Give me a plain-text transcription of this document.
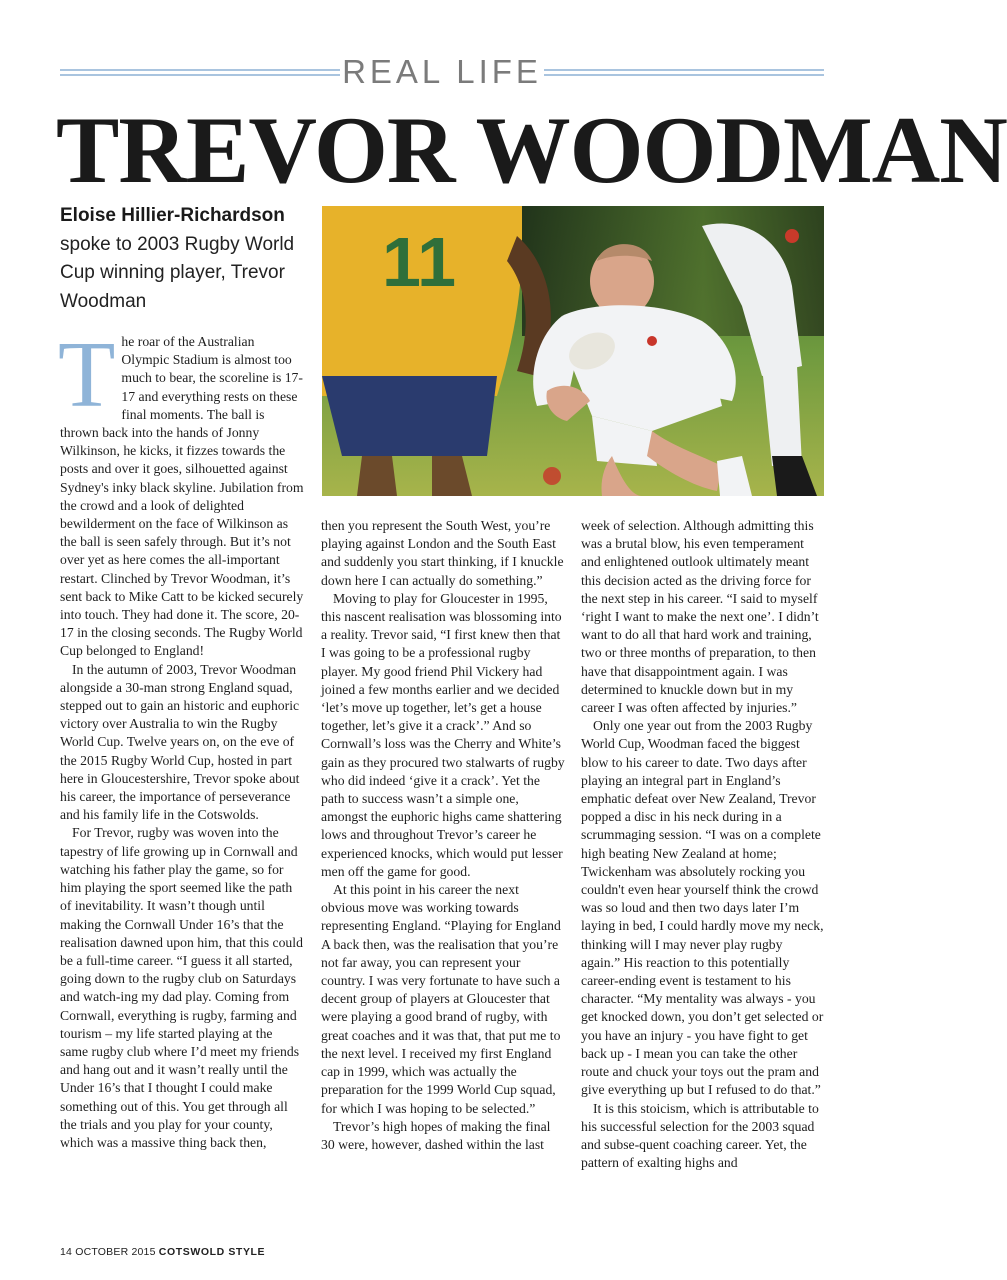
REAL LIFE
TREVOR WOODMAN
Eloise Hillier-Richardson
spoke to 2003 Rugby World Cup winning player, Trevor Woodman	11

The roar of the Australian Olympic Stadium is almost too much to bear, the scoreline is 17-17 and everything rests on these final moments. The ball is thrown back into the hands of Jonny Wilkinson, he kicks, it fizzes towards the posts and over it goes, silhouetted against Sydney's inky black skyline. Jubilation from the crowd and a look of delighted bewilderment on the face of Wilkinson as the ball is seen safely through. But it’s not over yet as here comes the all-important restart. Clinched by Trevor Woodman, it’s sent back to Mike Catt to be kicked securely into touch. They had done it. The score, 20-17 in the closing seconds. The Rugby World Cup belonged to England!

In the autumn of 2003, Trevor Woodman alongside a 30-man strong England squad, stepped out to gain an historic and euphoric victory over Australia to win the Rugby World Cup. Twelve years on, on the eve of the 2015 Rugby World Cup, hosted in part here in Gloucestershire, Trevor spoke about his career, the importance of perseverance and his family life in the Cotswolds.

For Trevor, rugby was woven into the tapestry of life growing up in Cornwall and watching his father play the game, so for him playing the sport seemed like the path of inevitability. It wasn’t though until making the Cornwall Under 16’s that the realisation dawned upon him, that this could be a full-time career. “I guess it all started, going down to the rugby club on Saturdays and watch-ing my dad play. Coming from Cornwall, everything is rugby, farming and tourism – my life started playing at the same rugby club where I’d meet my friends and hang out and it wasn’t really until the Under 16’s that I thought I could make something out of this. You get through all the trials and you play for your county, which was a massive thing back then,

then you represent the South West, you’re playing against London and the South East and suddenly you start thinking, if I knuckle down here I can actually do something.”

Moving to play for Gloucester in 1995, this nascent realisation was blossoming into a reality. Trevor said, “I first knew then that I was going to be a professional rugby player. My good friend Phil Vickery had joined a few months earlier and we decided ‘let’s move up together, let’s get a house together, let’s give it a crack’.” And so Cornwall’s loss was the Cherry and White’s gain as they procured two stalwarts of rugby who did indeed ‘give it a crack’. Yet the path to success wasn’t a simple one, amongst the euphoric highs came shattering lows and throughout Trevor’s career he experienced knocks, which would put lesser men off the game for good.

At this point in his career the next obvious move was working towards representing England. “Playing for England A back then, was the realisation that you’re not far away, you can represent your country. I was very fortunate to have such a decent group of players at Gloucester that were playing a good brand of rugby, with great coaches and it was that, that put me to the next level. I received my first England cap in 1999, which was actually the preparation for the 1999 World Cup squad, for which I was hoping to be selected.”

Trevor’s high hopes of making the final 30 were, however, dashed within the last

week of selection. Although admitting this was a brutal blow, his even temperament and enlightened outlook ultimately meant this decision acted as the driving force for the next step in his career. “I said to myself ‘right I want to make the next one’. I didn’t want to do all that hard work and training, two or three months of preparation, to then have that disappointment again. I was determined to knuckle down but in my career I was often affected by injuries.”

Only one year out from the 2003 Rugby World Cup, Woodman faced the biggest blow to his career to date. Two days after playing an integral part in England’s emphatic defeat over New Zealand, Trevor popped a disc in his neck during in a scrummaging session. “I was on a complete high beating New Zealand at home; Twickenham was absolutely rocking you couldn't even hear yourself think the crowd was so loud and then two days later I’m laying in bed, I could hardly move my neck, thinking will I may never play rugby again.” His reaction to this potentially career-ending event is testament to his character. “My mentality was always - you get knocked down, you don’t get selected or you have an injury - you have fight to get back up - I mean you can take the other route and chuck your toys out the pram and give everything up but I refused to do that.”

It is this stoicism, which is attributable to his successful selection for the 2003 squad and subse-quent coaching career. Yet, the pattern of exalting highs and

14 OCTOBER 2015 COTSWOLD STYLE
